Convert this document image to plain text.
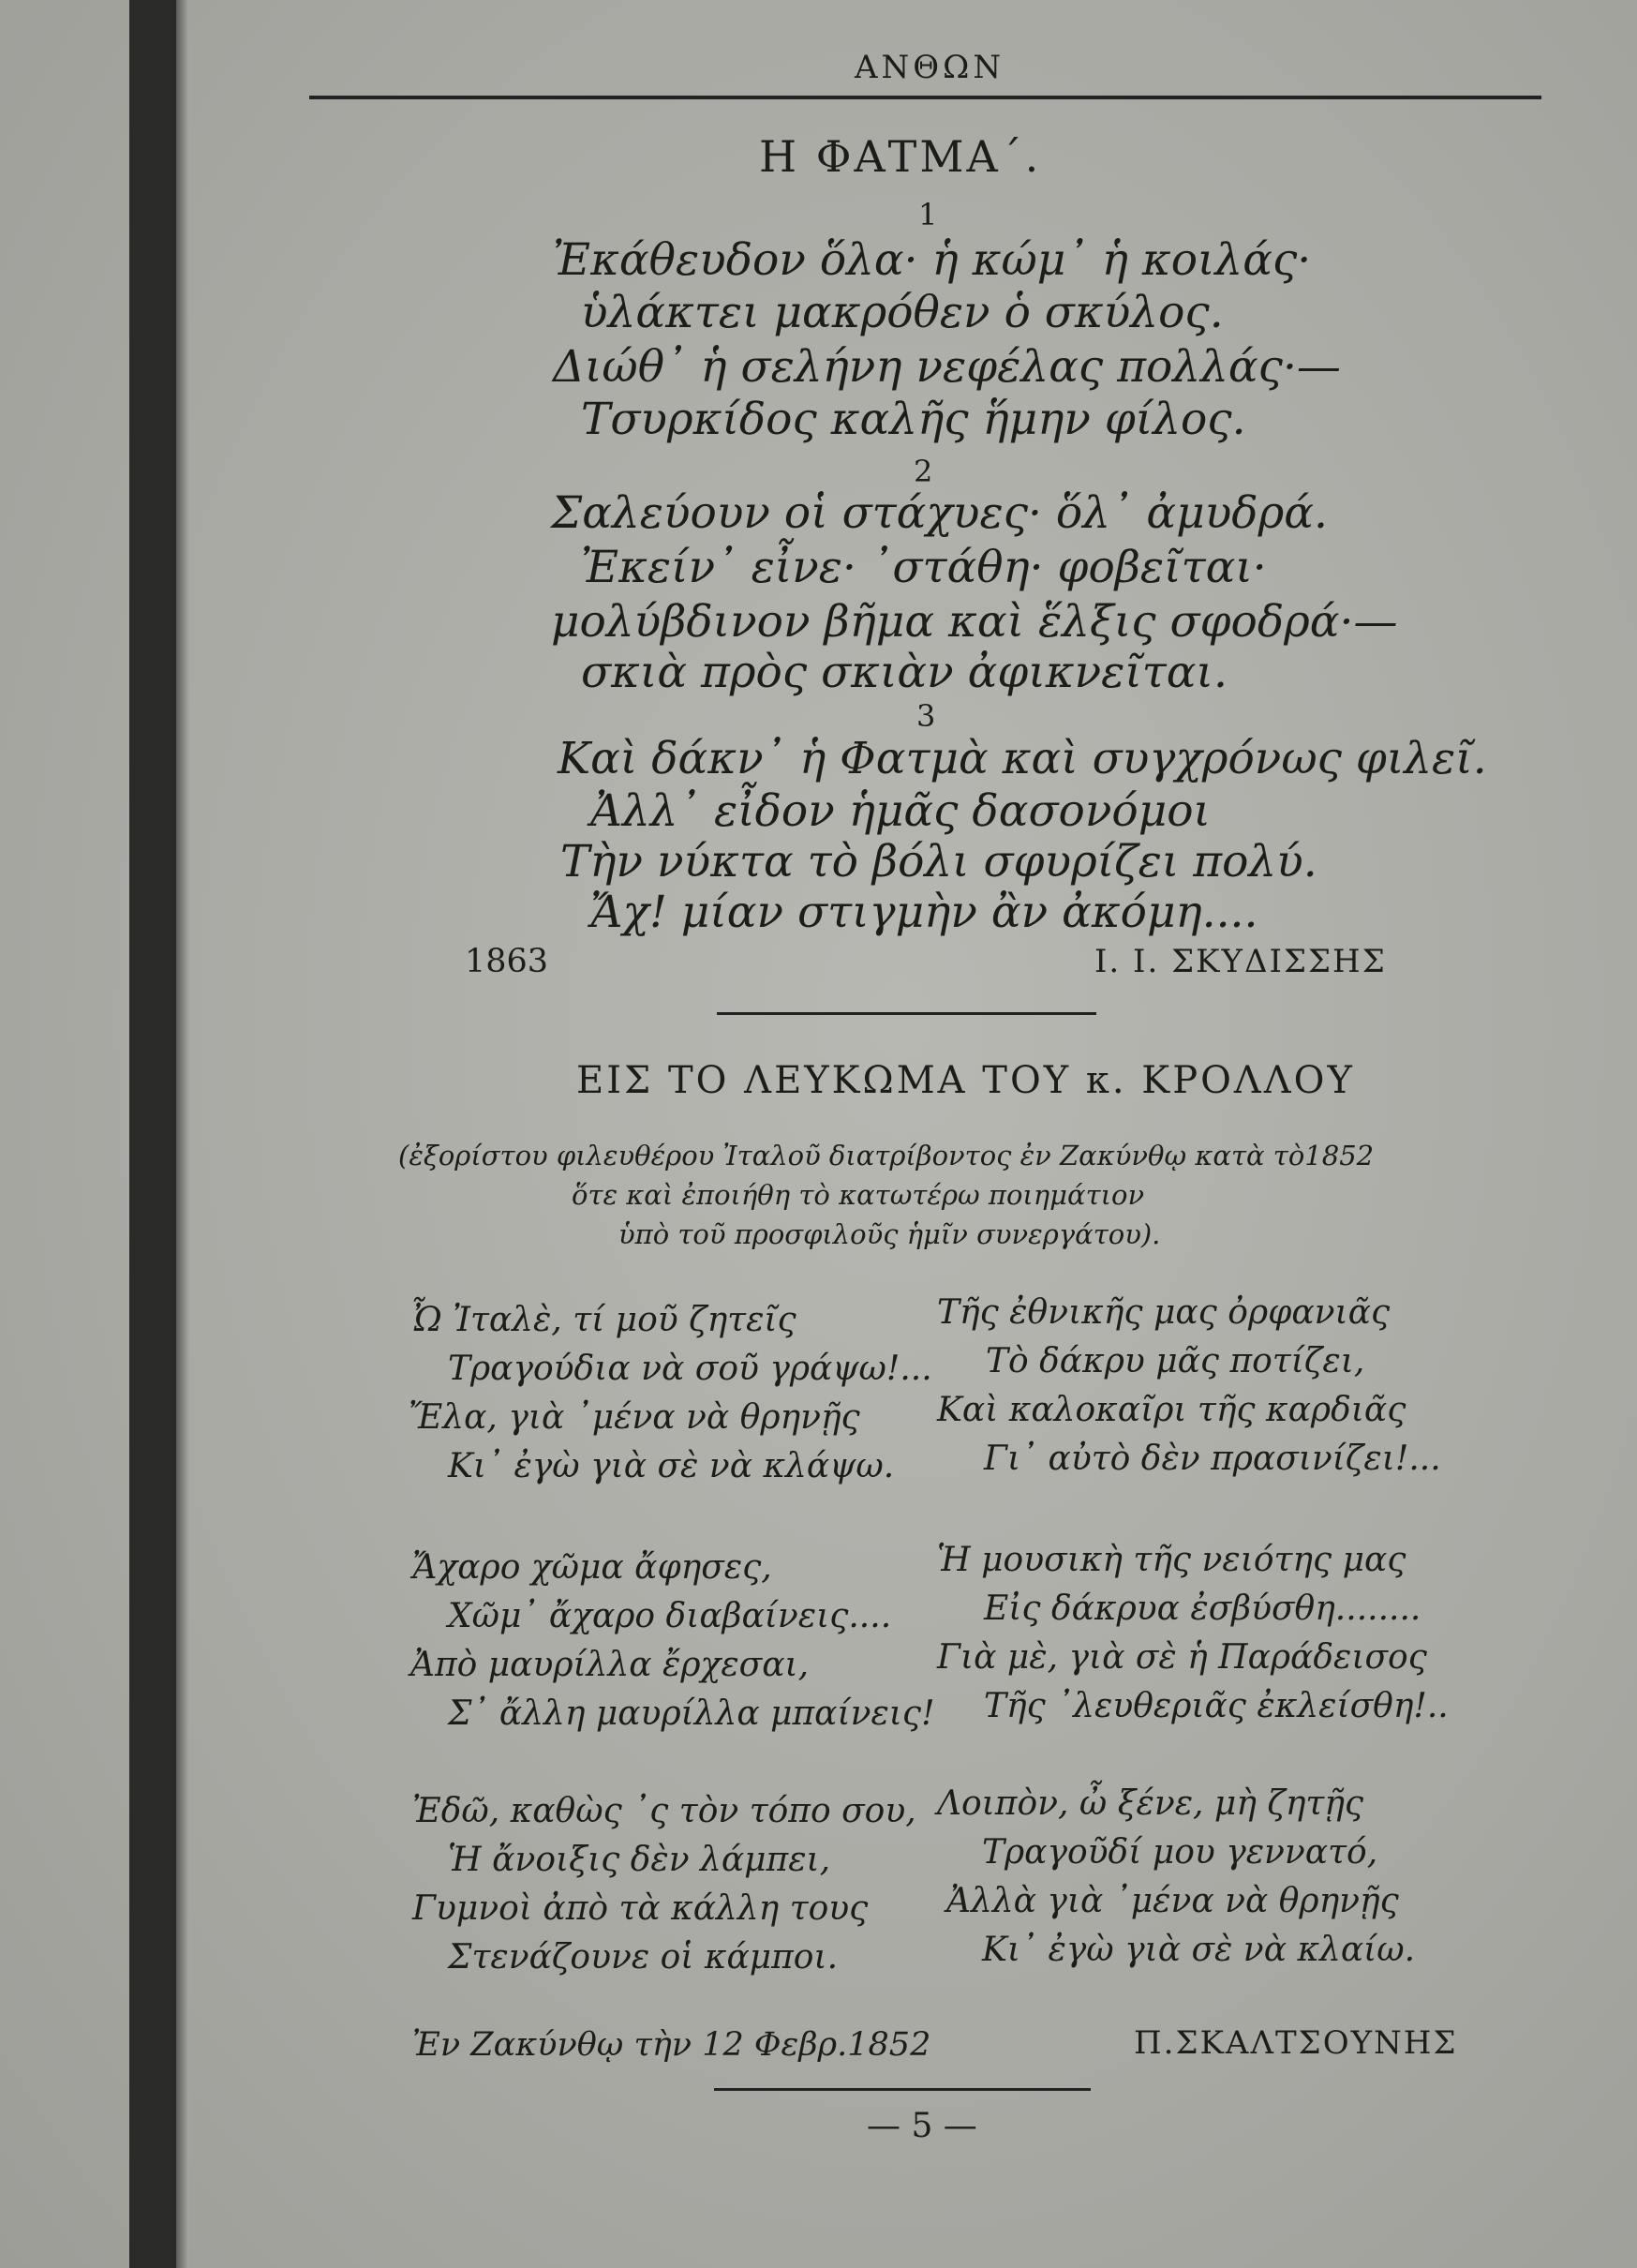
ΑΝΘΩΝ
Η ΦΑΤΜΑ΄.
1
Ἐκάθευδον ὅλα· ἡ κώμ᾽ ἡ κοιλάς·
ὑλάκτει μακρόθεν ὁ σκύλος.
Διώθ᾽ ἡ σελήνη νεφέλας πολλάς·—
Τσυρκίδος καλῆς ἥμην φίλος.
2
Σαλεύουν οἱ στάχυες· ὅλ᾽ ἀμυδρά.
Ἐκείν᾽ εἶνε· ᾽στάθη· φοβεῖται·
μολύβδινον βῆμα καὶ ἕλξις σφοδρά·—
σκιὰ πρὸς σκιὰν ἀφικνεῖται.
3
Καὶ δάκν᾽ ἡ Φατμὰ καὶ συγχρόνως φιλεῖ.
Ἀλλ᾽ εἶδον ἡμᾶς δασονόμοι
Τὴν νύκτα τὸ βόλι σφυρίζει πολύ.
Ἄχ! μίαν στιγμὴν ἂν ἀκόμη....
1863	Ι. Ι. ΣΚΥΔΙΣΣΗΣ
ΕΙΣ ΤΟ ΛΕΥΚΩΜΑ ΤΟΥ κ. ΚΡΟΛΛΟΥ
(ἐξορίστου φιλευθέρου Ἰταλοῦ διατρίβοντος ἐν Ζακύνθῳ κατὰ τὸ1852
ὅτε καὶ ἐποιήθη τὸ κατωτέρω ποιημάτιον
ὑπὸ τοῦ προσφιλοῦς ἡμῖν συνεργάτου).
Ὦ Ἰταλὲ, τί μοῦ ζητεῖς
Τραγούδια νὰ σοῦ γράψω!...
Ἔλα, γιὰ ᾽μένα νὰ θρηνῇς
Κι᾽ ἐγὼ γιὰ σὲ νὰ κλάψω.
Ἄχαρο χῶμα ἄφησες,
Χῶμ᾽ ἄχαρο διαβαίνεις....
Ἀπὸ μαυρίλλα ἔρχεσαι,
Σ᾽ ἄλλη μαυρίλλα μπαίνεις!
Ἐδῶ, καθὼς ᾽ς τὸν τόπο σου,
Ἡ ἄνοιξις δὲν λάμπει,
Γυμνοὶ ἀπὸ τὰ κάλλη τους
Στενάζουνε οἱ κάμποι.
Τῆς ἐθνικῆς μας ὀρφανιᾶς
Τὸ δάκρυ μᾶς ποτίζει,
Καὶ καλοκαῖρι τῆς καρδιᾶς
Γι᾽ αὐτὸ δὲν πρασινίζει!...
Ἡ μουσικὴ τῆς νειότης μας
Εἰς δάκρυα ἐσβύσθη........
Γιὰ μὲ, γιὰ σὲ ἡ Παράδεισος
Τῆς ᾽λευθεριᾶς ἐκλείσθη!..
Λοιπὸν, ὦ ξένε, μὴ ζητῇς
Τραγοῦδί μου γεννατό,
Ἀλλὰ γιὰ ᾽μένα νὰ θρηνῇς
Κι᾽ ἐγὼ γιὰ σὲ νὰ κλαίω.
Ἐν Ζακύνθῳ τὴν 12 Φεβρ.1852	Π.ΣΚΑΛΤΣΟΥΝΗΣ
— 5 —
